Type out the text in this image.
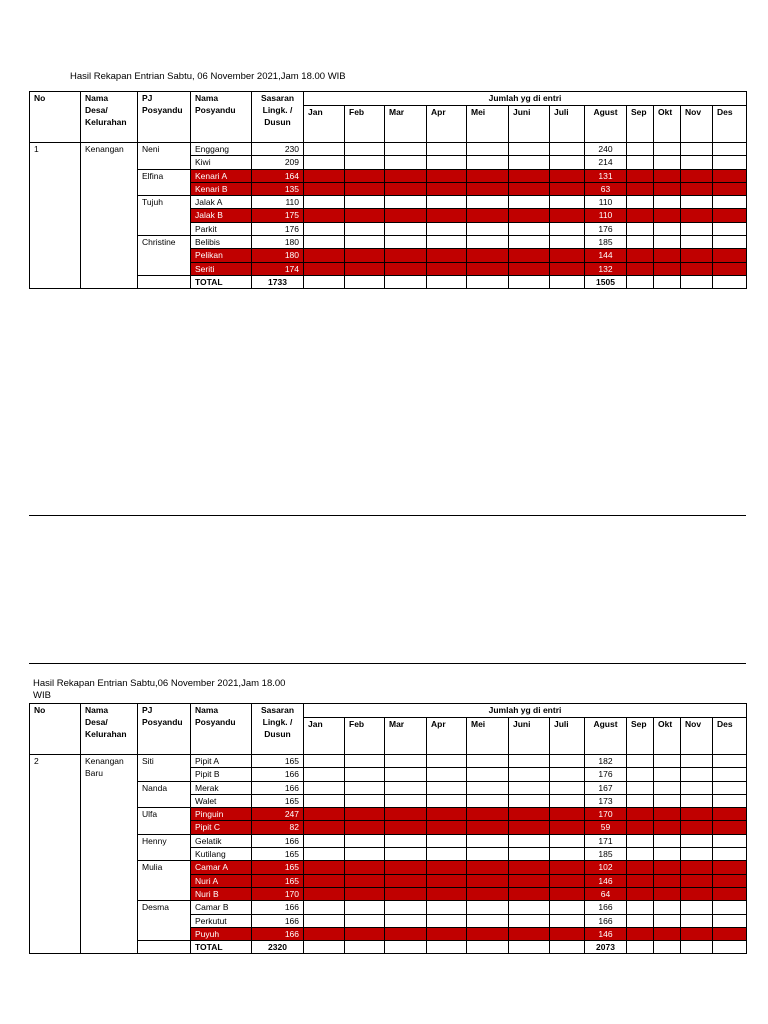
Hasil Rekapan Entrian Sabtu, 06 November 2021,Jam 18.00 WIB
No	Nama Desa/ Kelurahan	PJ Posyandu	Nama Posyandu	Sasaran Lingk. / Dusun	Jumlah yg di entri											
					Jan	Feb	Mar	Apr	Mei	Juni	Juli	Agust	Sep	Okt	Nov	Des
1	Kenangan	Neni	Enggang	230								240				
			Kiwi	209								214				
		Elfina	Kenari A	164								131				
			Kenari B	135								63				
		Tujuh	Jalak A	110								110				
			Jalak B	175								110				
			Parkit	176								176				
		Christine	Belibis	180								185				
			Pelikan	180								144				
			Seriti	174								132				
			TOTAL	1733								1505				
Hasil Rekapan Entrian Sabtu,06 November 2021,Jam 18.00 WIB
No	Nama Desa/ Kelurahan	PJ Posyandu	Nama Posyandu	Sasaran Lingk. / Dusun	Jumlah yg di entri											
					Jan	Feb	Mar	Apr	Mei	Juni	Juli	Agust	Sep	Okt	Nov	Des
2	Kenangan Baru	Siti	Pipit A	165								182				
			Pipit B	166								176				
		Nanda	Merak	166								167				
			Walet	165								173				
		Ulfa	Pinguin	247								170				
			Pipit C	82								59				
		Henny	Gelatik	166								171				
			Kutilang	165								185				
		Mulia	Camar A	165								102				
			Nuri A	165								146				
			Nuri B	170								64				
		Desma	Camar B	166								166				
			Perkutut	166								166				
			Puyuh	166								146				
			TOTAL	2320								2073				
